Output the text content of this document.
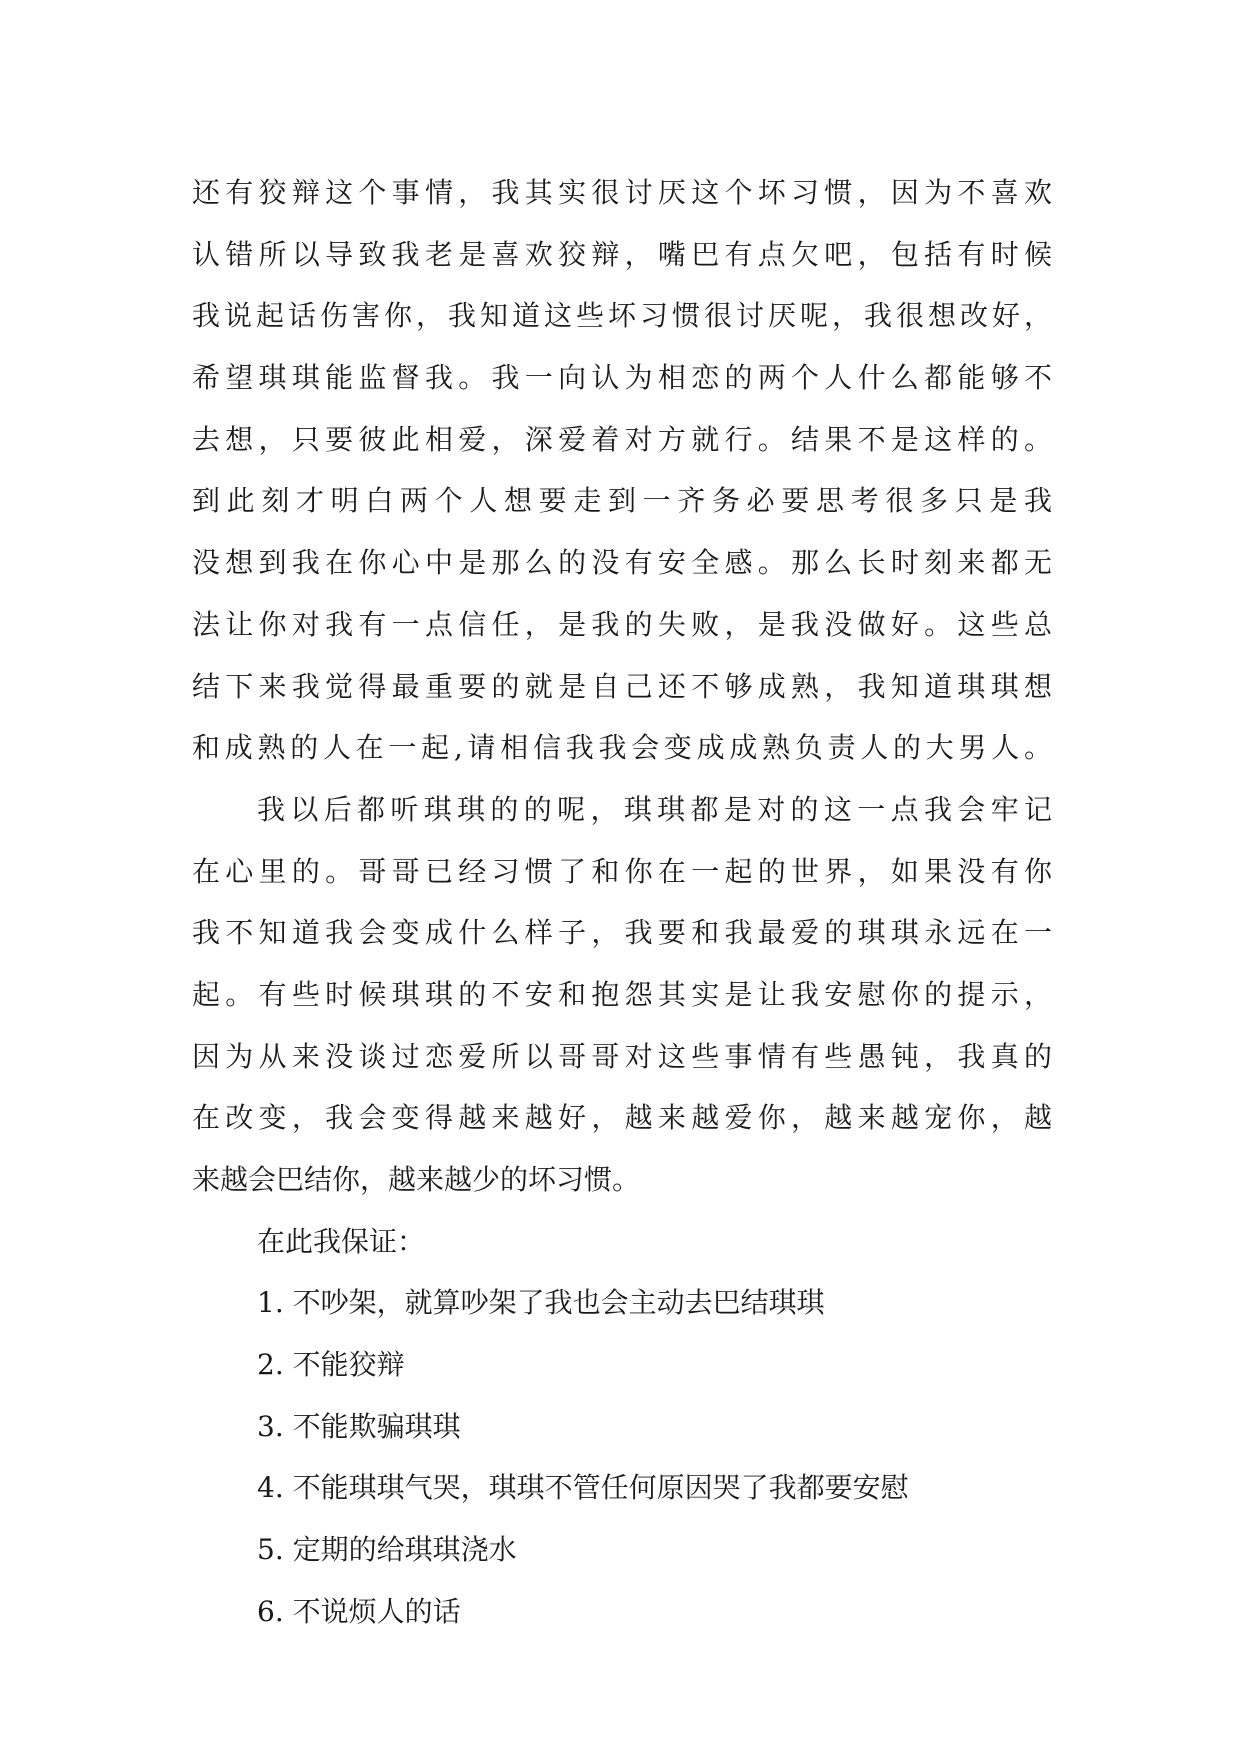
还有狡辩这个事情，我其实很讨厌这个坏习惯，因为不喜欢
认错所以导致我老是喜欢狡辩，嘴巴有点欠吧，包括有时候
我说起话伤害你，我知道这些坏习惯很讨厌呢，我很想改好，
希望琪琪能监督我。我一向认为相恋的两个人什么都能够不
去想，只要彼此相爱，深爱着对方就行。结果不是这样的。
到此刻才明白两个人想要走到一齐务必要思考很多只是我
没想到我在你心中是那么的没有安全感。那么长时刻来都无
法让你对我有一点信任，是我的失败，是我没做好。这些总
结下来我觉得最重要的就是自己还不够成熟，我知道琪琪想
和成熟的人在一起,请相信我我会变成成熟负责人的大男人。
我以后都听琪琪的的呢，琪琪都是对的这一点我会牢记
在心里的。哥哥已经习惯了和你在一起的世界，如果没有你
我不知道我会变成什么样子，我要和我最爱的琪琪永远在一
起。有些时候琪琪的不安和抱怨其实是让我安慰你的提示，
因为从来没谈过恋爱所以哥哥对这些事情有些愚钝，我真的
在改变，我会变得越来越好，越来越爱你，越来越宠你，越
来越会巴结你，越来越少的坏习惯。
在此我保证：
1. 不吵架，就算吵架了我也会主动去巴结琪琪
2. 不能狡辩
3. 不能欺骗琪琪
4. 不能琪琪气哭，琪琪不管任何原因哭了我都要安慰
5. 定期的给琪琪浇水
6. 不说烦人的话
